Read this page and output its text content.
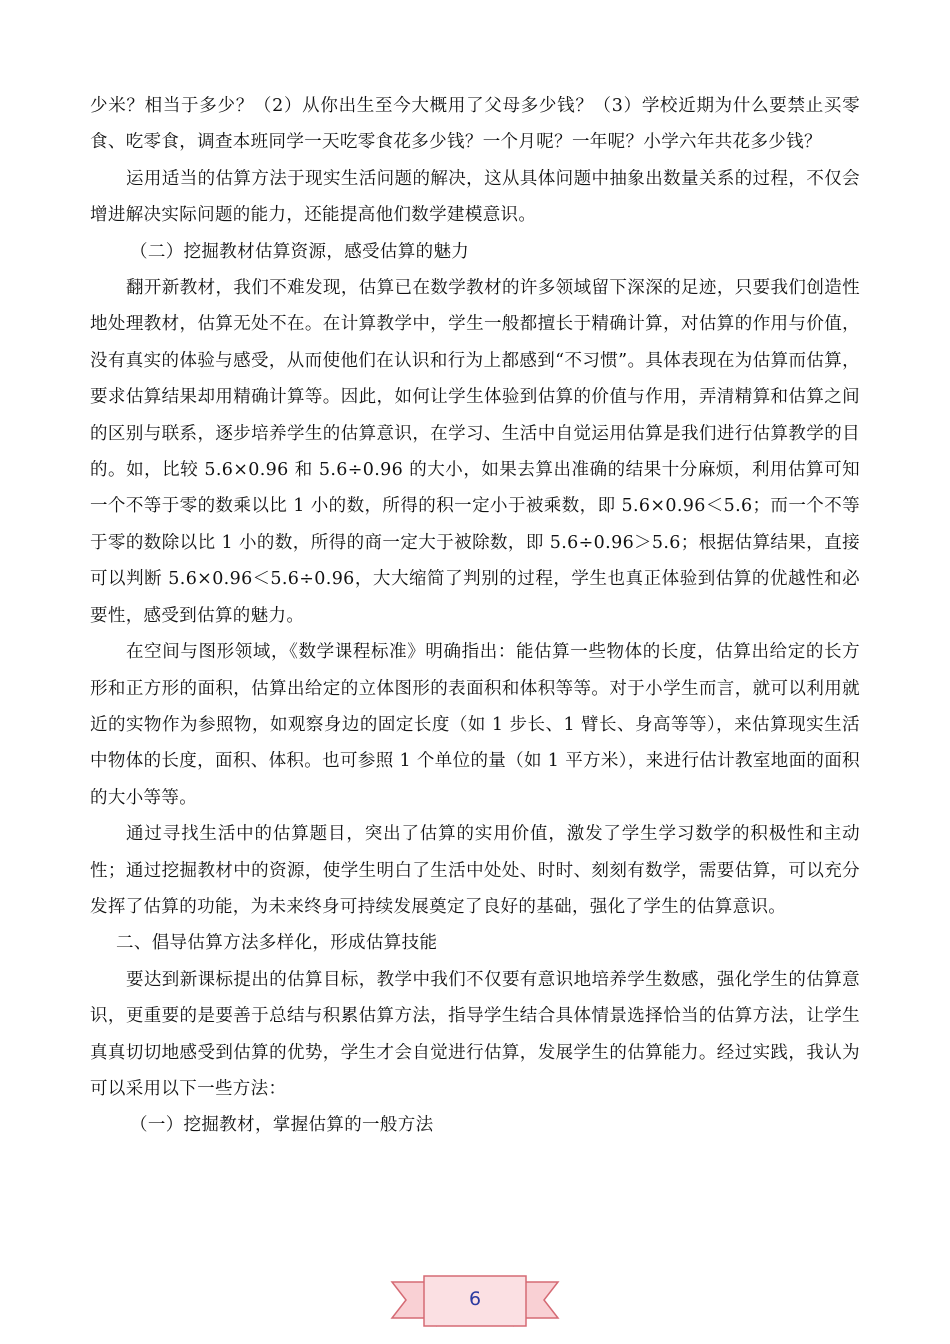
少米？相当于多少？（2）从你出生至今大概用了父母多少钱？（3）学校近期为什么要禁止买零食、吃零食，调查本班同学一天吃零食花多少钱？一个月呢？一年呢？小学六年共花多少钱？

运用适当的估算方法于现实生活问题的解决，这从具体问题中抽象出数量关系的过程，不仅会增进解决实际问题的能力，还能提高他们数学建模意识。

（二）挖掘教材估算资源，感受估算的魅力

翻开新教材，我们不难发现，估算已在数学教材的许多领域留下深深的足迹，只要我们创造性地处理教材，估算无处不在。在计算教学中，学生一般都擅长于精确计算，对估算的作用与价值，没有真实的体验与感受，从而使他们在认识和行为上都感到“不习惯”。具体表现在为估算而估算，要求估算结果却用精确计算等。因此，如何让学生体验到估算的价值与作用，弄清精算和估算之间的区别与联系，逐步培养学生的估算意识，在学习、生活中自觉运用估算是我们进行估算教学的目的。如，比较 5.6×0.96 和 5.6÷0.96 的大小，如果去算出准确的结果十分麻烦，利用估算可知一个不等于零的数乘以比 1 小的数，所得的积一定小于被乘数，即 5.6×0.96＜5.6；而一个不等于零的数除以比 1 小的数，所得的商一定大于被除数，即 5.6÷0.96＞5.6；根据估算结果，直接可以判断 5.6×0.96＜5.6÷0.96，大大缩简了判别的过程，学生也真正体验到估算的优越性和必要性，感受到估算的魅力。

在空间与图形领域，《数学课程标准》明确指出：能估算一些物体的长度，估算出给定的长方形和正方形的面积，估算出给定的立体图形的表面积和体积等等。对于小学生而言，就可以利用就近的实物作为参照物，如观察身边的固定长度（如 1 步长、1 臂长、身高等等），来估算现实生活中物体的长度，面积、体积。也可参照 1 个单位的量（如 1 平方米），来进行估计教室地面的面积的大小等等。

通过寻找生活中的估算题目，突出了估算的实用价值，激发了学生学习数学的积极性和主动性；通过挖掘教材中的资源，使学生明白了生活中处处、时时、刻刻有数学，需要估算，可以充分发挥了估算的功能，为未来终身可持续发展奠定了良好的基础，强化了学生的估算意识。

二、倡导估算方法多样化，形成估算技能

要达到新课标提出的估算目标，教学中我们不仅要有意识地培养学生数感，强化学生的估算意识，更重要的是要善于总结与积累估算方法，指导学生结合具体情景选择恰当的估算方法，让学生真真切切地感受到估算的优势，学生才会自觉进行估算，发展学生的估算能力。经过实践，我认为可以采用以下一些方法：

（一）挖掘教材，掌握估算的一般方法

6
